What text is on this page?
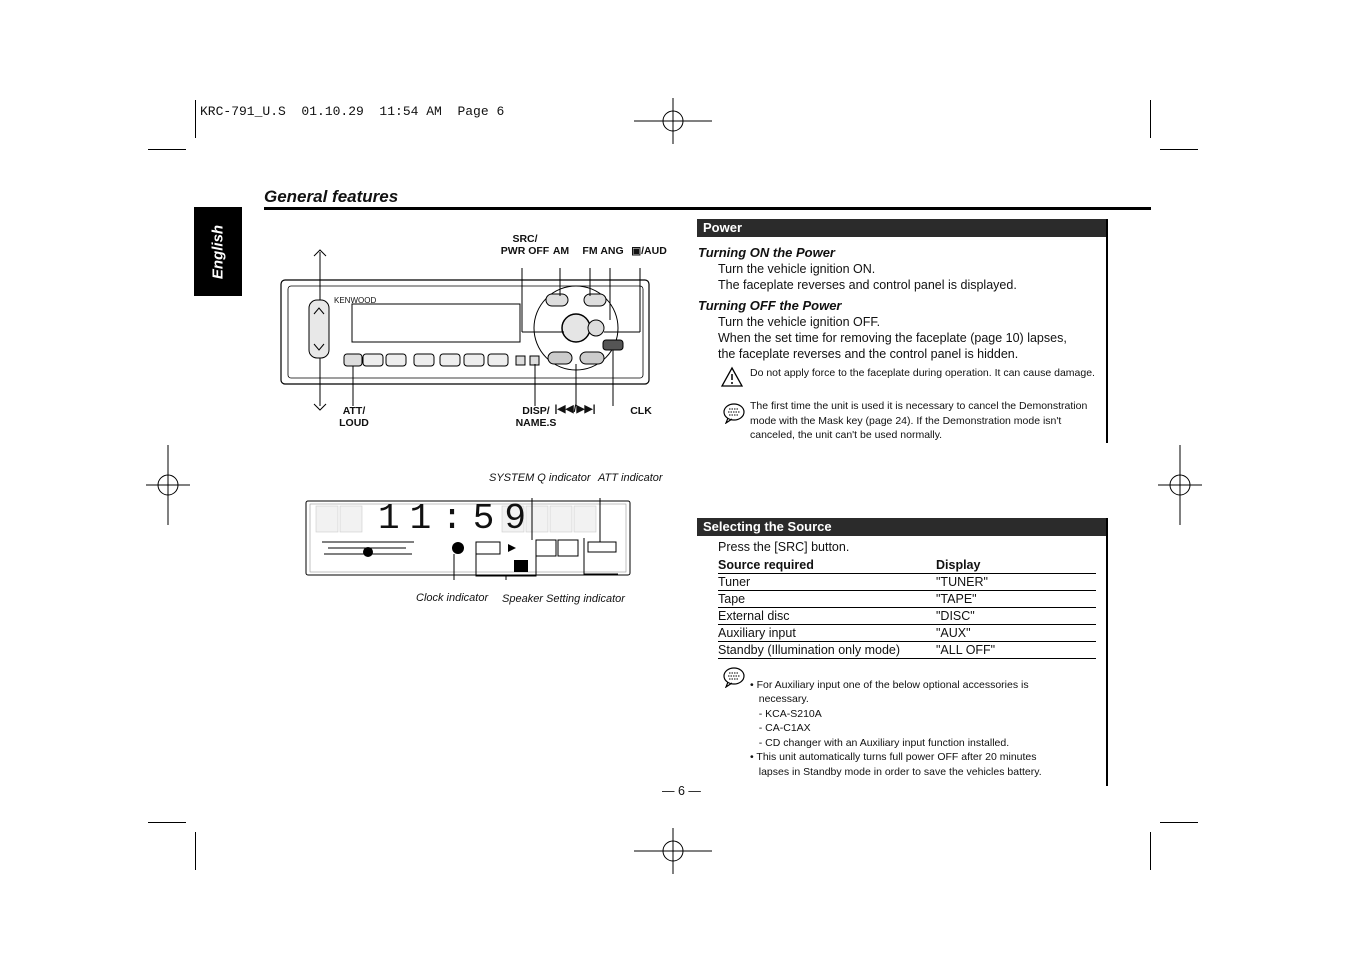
KRC-791_U.S  01.10.29  11:54 AM  Page 6
General features
English
KENWOOD
SRC/
PWR OFF AM	FM ANG ▣/AUD
ATT/
LOUD
DISP/
NAME.S
|◀◀/▶▶|	CLK
11:59
SYSTEM Q indicator ATT indicator
Clock indicator Speaker Setting indicator
Power
Turning ON the Power
Turn the vehicle ignition ON.
The faceplate reverses and control panel is displayed.
Turning OFF the Power
Turn the vehicle ignition OFF.
When the set time for removing the faceplate (page 10) lapses,
the faceplate reverses and the control panel is hidden.
Do not apply force to the faceplate during operation. It can cause damage.
The first time the unit is used it is necessary to cancel the Demonstration mode with the Mask key (page 24). If the Demonstration mode isn't canceled, the unit can't be used normally.
Selecting the Source
Press the [SRC] button.
Source required	Display
Tuner	"TUNER"
Tape	"TAPE"
External disc	"DISC"
Auxiliary input	"AUX"
Standby (Illumination only mode)	"ALL OFF"

• For Auxiliary input one of the below optional accessories is
necessary.
- KCA-S210A
- CA-C1AX
- CD changer with an Auxiliary input function installed.
• This unit automatically turns full power OFF after 20 minutes
lapses in Standby mode in order to save the vehicles battery.

— 6 —
